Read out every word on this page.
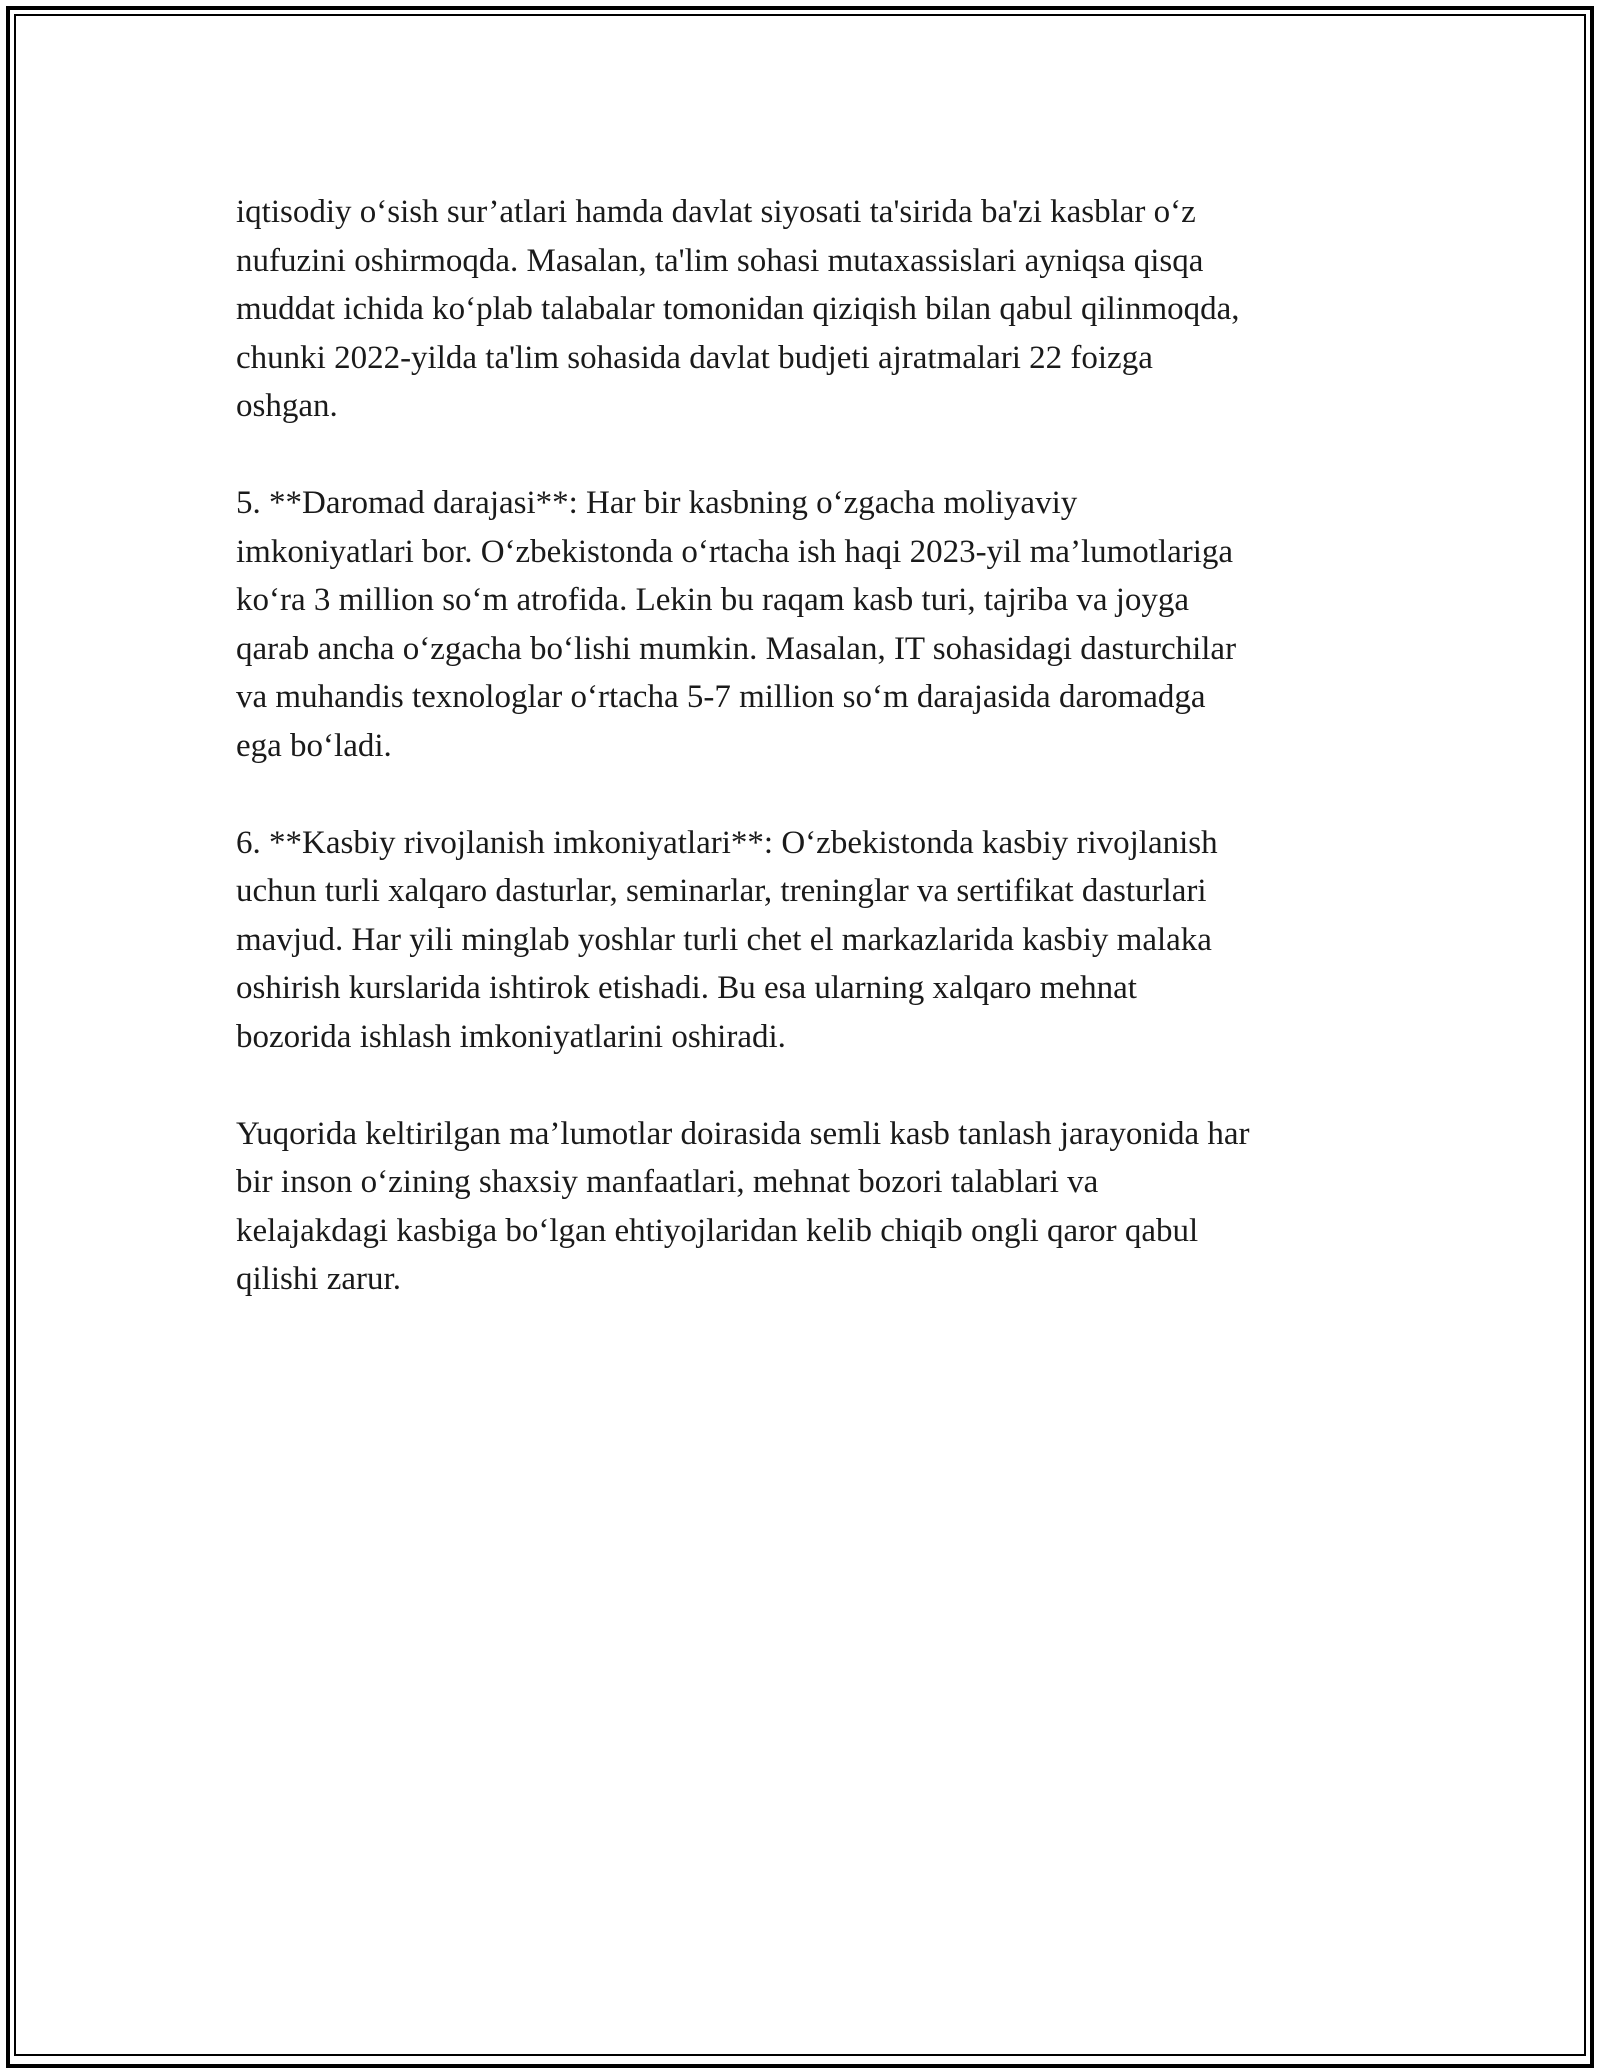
iqtisodiy o‘sish sur’atlari hamda davlat siyosati ta'sirida ba'zi kasblar o‘z
nufuzini oshirmoqda. Masalan, ta'lim sohasi mutaxassislari ayniqsa qisqa
muddat ichida ko‘plab talabalar tomonidan qiziqish bilan qabul qilinmoqda,
chunki 2022-yilda ta'lim sohasida davlat budjeti ajratmalari 22 foizga
oshgan.

5. **Daromad darajasi**: Har bir kasbning o‘zgacha moliyaviy
imkoniyatlari bor. O‘zbekistonda o‘rtacha ish haqi 2023-yil ma’lumotlariga
ko‘ra 3 million so‘m atrofida. Lekin bu raqam kasb turi, tajriba va joyga
qarab ancha o‘zgacha bo‘lishi mumkin. Masalan, IT sohasidagi dasturchilar
va muhandis texnologlar o‘rtacha 5-7 million so‘m darajasida daromadga
ega bo‘ladi.

6. **Kasbiy rivojlanish imkoniyatlari**: O‘zbekistonda kasbiy rivojlanish
uchun turli xalqaro dasturlar, seminarlar, treninglar va sertifikat dasturlari
mavjud. Har yili minglab yoshlar turli chet el markazlarida kasbiy malaka
oshirish kurslarida ishtirok etishadi. Bu esa ularning xalqaro mehnat
bozorida ishlash imkoniyatlarini oshiradi.

Yuqorida keltirilgan ma’lumotlar doirasida semli kasb tanlash jarayonida har
bir inson o‘zining shaxsiy manfaatlari, mehnat bozori talablari va
kelajakdagi kasbiga bo‘lgan ehtiyojlaridan kelib chiqib ongli qaror qabul
qilishi zarur.
